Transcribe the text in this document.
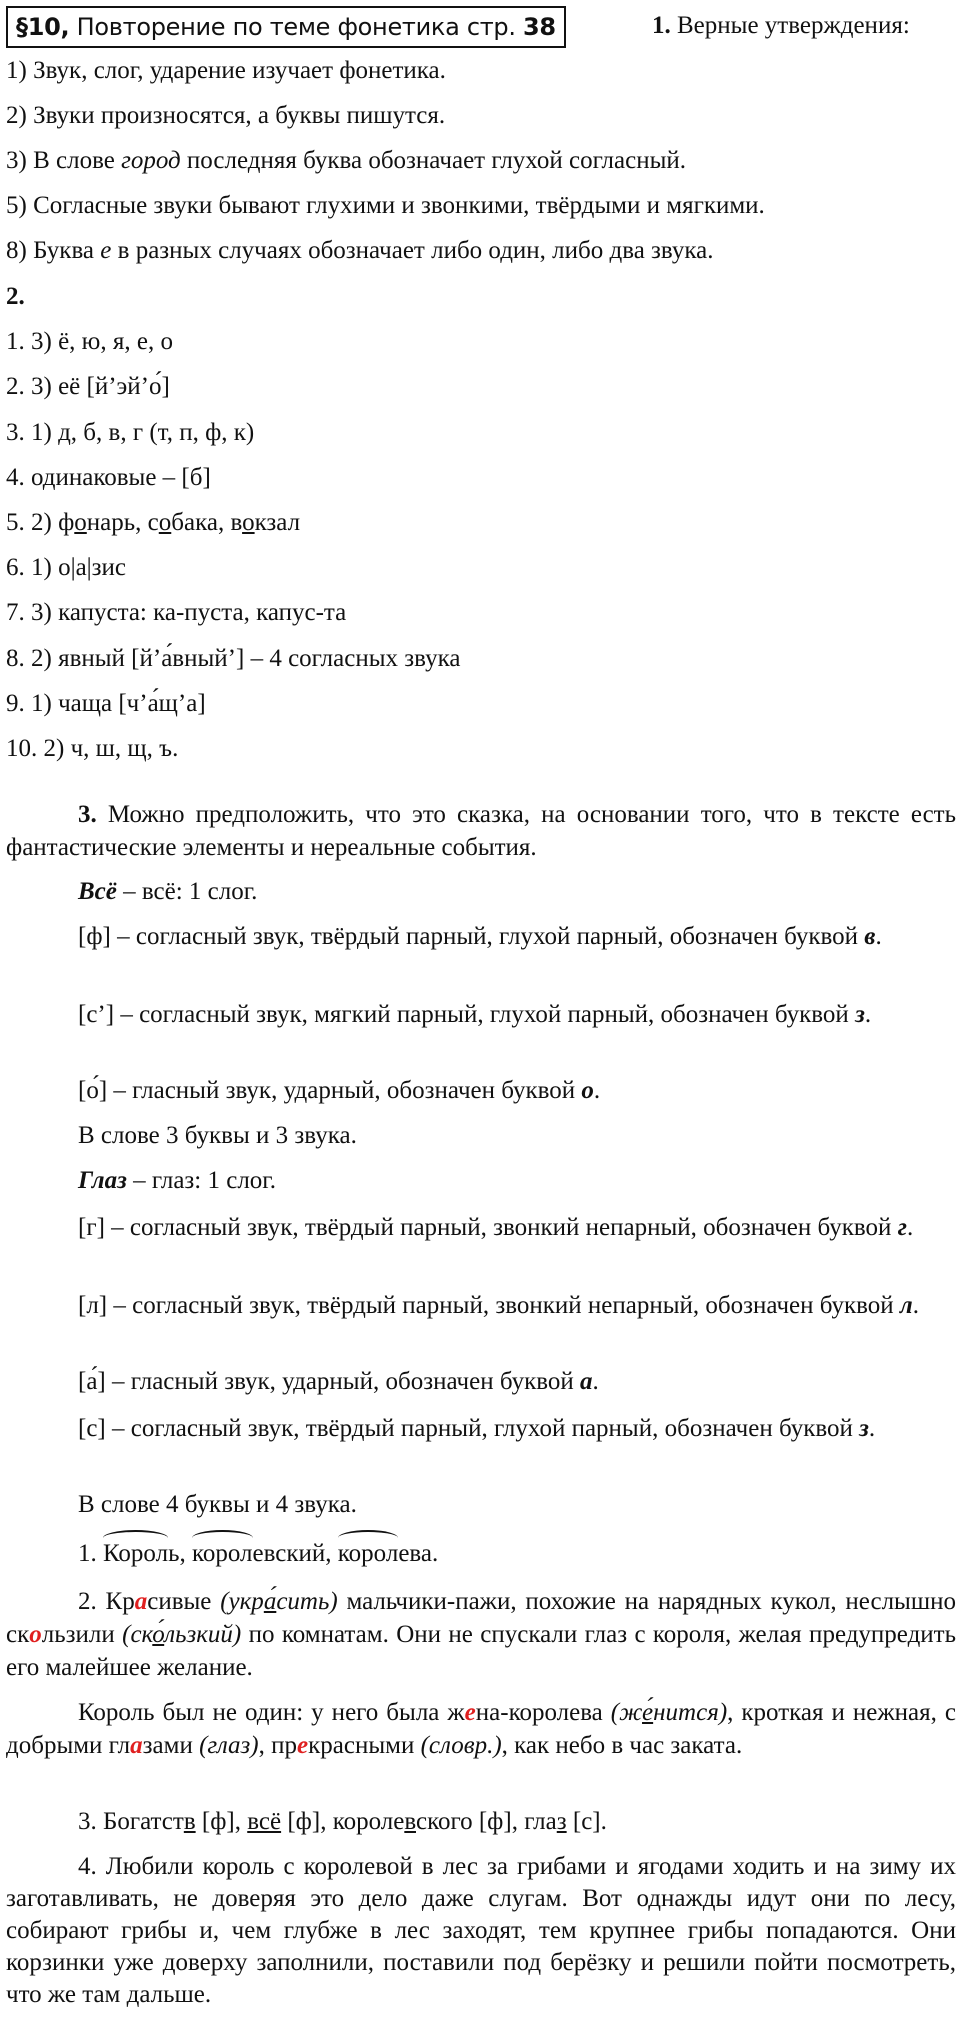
§10,
Повторение по теме фонетика стр.
38	1. Верные утверждения:
1) Звук, слог, ударение изучает фонетика.
2) Звуки произносятся, а буквы пишутся.
3) В слове город последняя буква обозначает глухой согласный.
5) Согласные звуки бывают глухими и звонкими, твёрдыми и мягкими.
8) Буква е в разных случаях обозначает либо один, либо два звука.
2.
1. 3) ё, ю, я, е, о
2. 3) её [й’эй’о́]
3. 1) д, б, в, г (т, п, ф, к)
4. одинаковые – [б]
5. 2) фонарь, собака, вокзал
6. 1) о|а|зис
7. 3) капуста: ка-пуста, капус-та
8. 2) явный [й’а́вный’] – 4 согласных звука
9. 1) чаща [ч’а́щ’а]
10. 2) ч, ш, щ, ъ.
3. Можно предположить, что это сказка, на основании того, что в тексте есть фантастические элементы и нереальные события.
Всё – всё: 1 слог.
[ф] – согласный звук, твёрдый парный, глухой парный, обозначен буквой в.
[с’] – согласный звук, мягкий парный, глухой парный, обозначен буквой з.
[о́] – гласный звук, ударный, обозначен буквой о.
В слове 3 буквы и 3 звука.
Глаз – глаз: 1 слог.
[г] – согласный звук, твёрдый парный, звонкий непарный, обозначен буквой г.
[л] – согласный звук, твёрдый парный, звонкий непарный, обозначен буквой л.
[а́] – гласный звук, ударный, обозначен буквой а.
[с] – согласный звук, твёрдый парный, глухой парный, обозначен буквой з.
В слове 4 буквы и 4 звука.
1. Король, королевский, королева.
2. Красивые (укра́сить) мальчики-пажи, похожие на нарядных кукол, неслышно скользили (ско́льзкий) по комнатам. Они не спускали глаз с короля, желая предупредить его малейшее желание.
Король был не один: у него была жена-королева (же́нится), кроткая и нежная, с добрыми глазами (глаз), прекрасными (словр.), как небо в час заката.
3. Богатств [ф], всё [ф], королевского [ф], глаз [с].
4. Любили король с королевой в лес за грибами и ягодами ходить и на зиму их заготавливать, не доверяя это дело даже слугам. Вот однажды идут они по лесу, собирают грибы и, чем глубже в лес заходят, тем крупнее грибы попадаются. Они корзинки уже доверху заполнили, поставили под берёзку и решили пойти посмотреть, что же там дальше.
